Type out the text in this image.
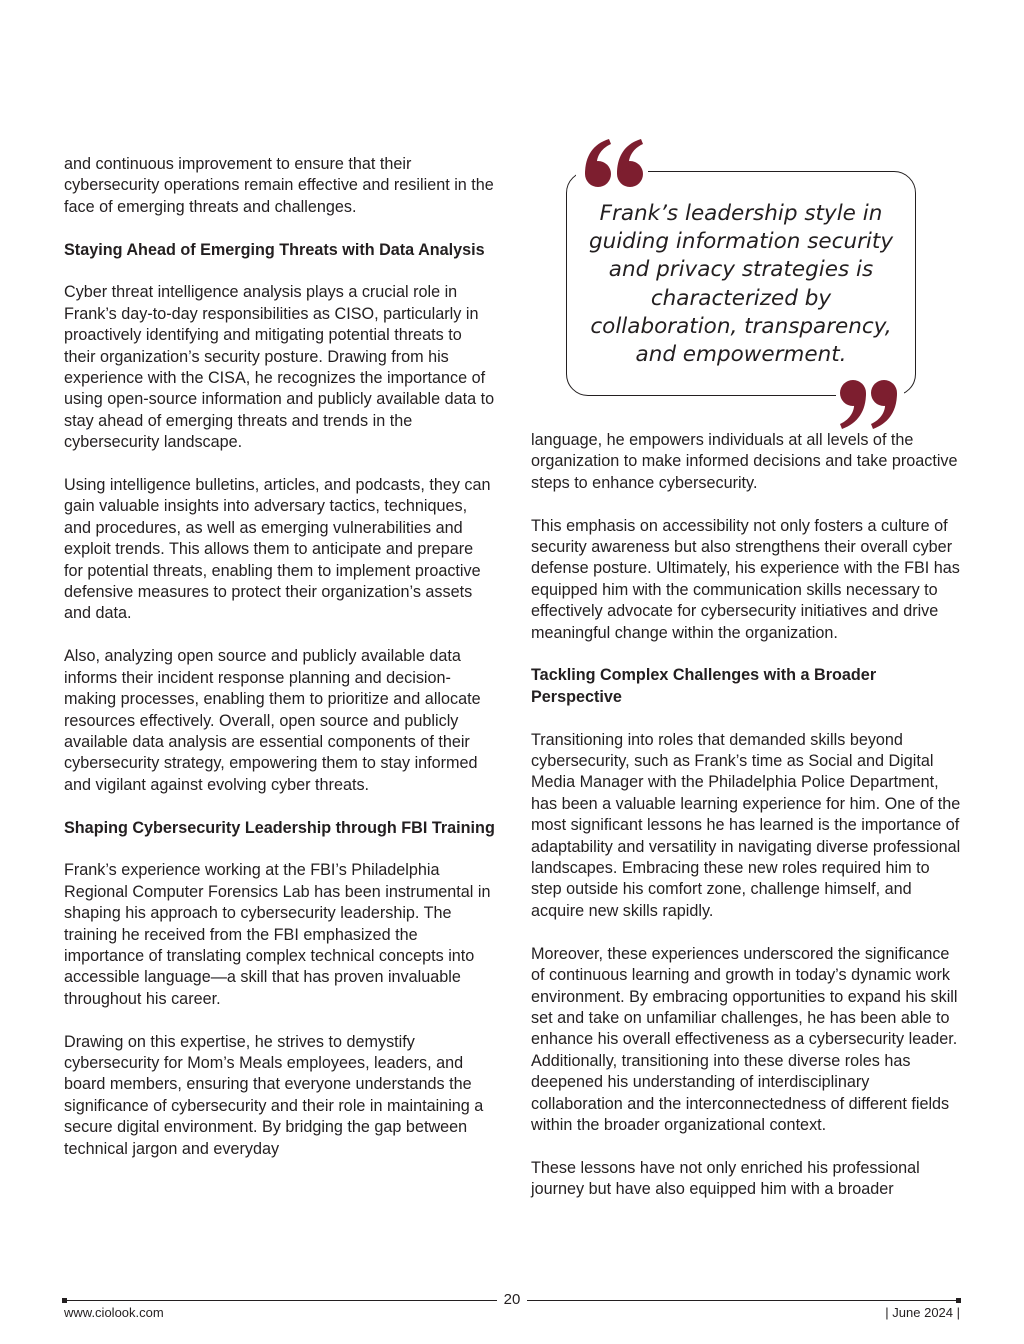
and continuous improvement to ensure that their cybersecurity operations remain effective and resilient in the face of emerging threats and challenges.

Staying Ahead of Emerging Threats with Data Analysis

Cyber threat intelligence analysis plays a crucial role in Frank’s day-to-day responsibilities as CISO, particularly in proactively identifying and mitigating potential threats to their organization’s security posture. Drawing from his experience with the CISA, he recognizes the importance of using open-source information and publicly available data to stay ahead of emerging threats and trends in the cybersecurity landscape.

Using intelligence bulletins, articles, and podcasts, they can gain valuable insights into adversary tactics, techniques, and procedures, as well as emerging vulnerabilities and exploit trends. This allows them to anticipate and prepare for potential threats, enabling them to implement proactive defensive measures to protect their organization’s assets and data.

Also, analyzing open source and publicly available data informs their incident response planning and decision-making processes, enabling them to prioritize and allocate resources effectively. Overall, open source and publicly available data analysis are essential components of their cybersecurity strategy, empowering them to stay informed and vigilant against evolving cyber threats.

Shaping Cybersecurity Leadership through FBI Training

Frank’s experience working at the FBI’s Philadelphia Regional Computer Forensics Lab has been instrumental in shaping his approach to cybersecurity leadership. The training he received from the FBI emphasized the importance of translating complex technical concepts into accessible language—a skill that has proven invaluable throughout his career.

Drawing on this expertise, he strives to demystify cybersecurity for Mom’s Meals employees, leaders, and board members, ensuring that everyone understands the significance of cybersecurity and their role in maintaining a secure digital environment. By bridging the gap between technical jargon and everyday

Frank’s leadership style in guiding information security and privacy strategies is characterized by collaboration, transparency, and empowerment.

language, he empowers individuals at all levels of the organization to make informed decisions and take proactive steps to enhance cybersecurity.

This emphasis on accessibility not only fosters a culture of security awareness but also strengthens their overall cyber defense posture. Ultimately, his experience with the FBI has equipped him with the communication skills necessary to effectively advocate for cybersecurity initiatives and drive meaningful change within the organization.

Tackling Complex Challenges with a Broader Perspective

Transitioning into roles that demanded skills beyond cybersecurity, such as Frank’s time as Social and Digital Media Manager with the Philadelphia Police Department, has been a valuable learning experience for him. One of the most significant lessons he has learned is the importance of adaptability and versatility in navigating diverse professional landscapes. Embracing these new roles required him to step outside his comfort zone, challenge himself, and acquire new skills rapidly.

Moreover, these experiences underscored the significance of continuous learning and growth in today’s dynamic work environment. By embracing opportunities to expand his skill set and take on unfamiliar challenges, he has been able to enhance his overall effectiveness as a cybersecurity leader. Additionally, transitioning into these diverse roles has deepened his understanding of interdisciplinary collaboration and the interconnectedness of different fields within the broader organizational context.

These lessons have not only enriched his professional journey but have also equipped him with a broader

20
www.ciolook.com	| June 2024 |
